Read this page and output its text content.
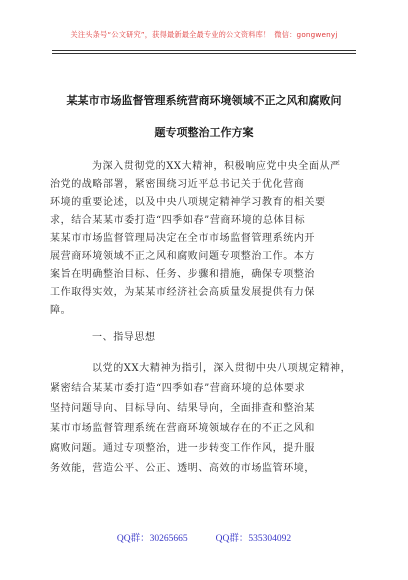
关注头条号“公文研究”，获得最新最全最专业的公文资料库！ 微信：gongwenyj
某某市市场监督管理系统营商环境领域不正之风和腐败问
题专项整治工作方案
为深入贯彻党的XX大精神，积极响应党中央全面从严
治党的战略部署，紧密围绕习近平总书记关于优化营商
环境的重要论述，以及中央八项规定精神学习教育的相关要
求，结合某某市委打造“四季如春”营商环境的总体目标
某某市市场监督管理局决定在全市市场监督管理系统内开
展营商环境领域不正之风和腐败问题专项整治工作。本方
案旨在明确整治目标、任务、步骤和措施，确保专项整治
工作取得实效，为某某市经济社会高质量发展提供有力保
障。
一、指导思想
以党的XX大精神为指引，深入贯彻中央八项规定精神，
紧密结合某某市委打造“四季如春”营商环境的总体要求
坚持问题导向、目标导向、结果导向，全面排查和整治某
某市市场监督管理系统在营商环境领域存在的不正之风和
腐败问题。通过专项整治，进一步转变工作作风，提升服
务效能，营造公平、公正、透明、高效的市场监管环境，
QQ群：30265665	QQ群：535304092
